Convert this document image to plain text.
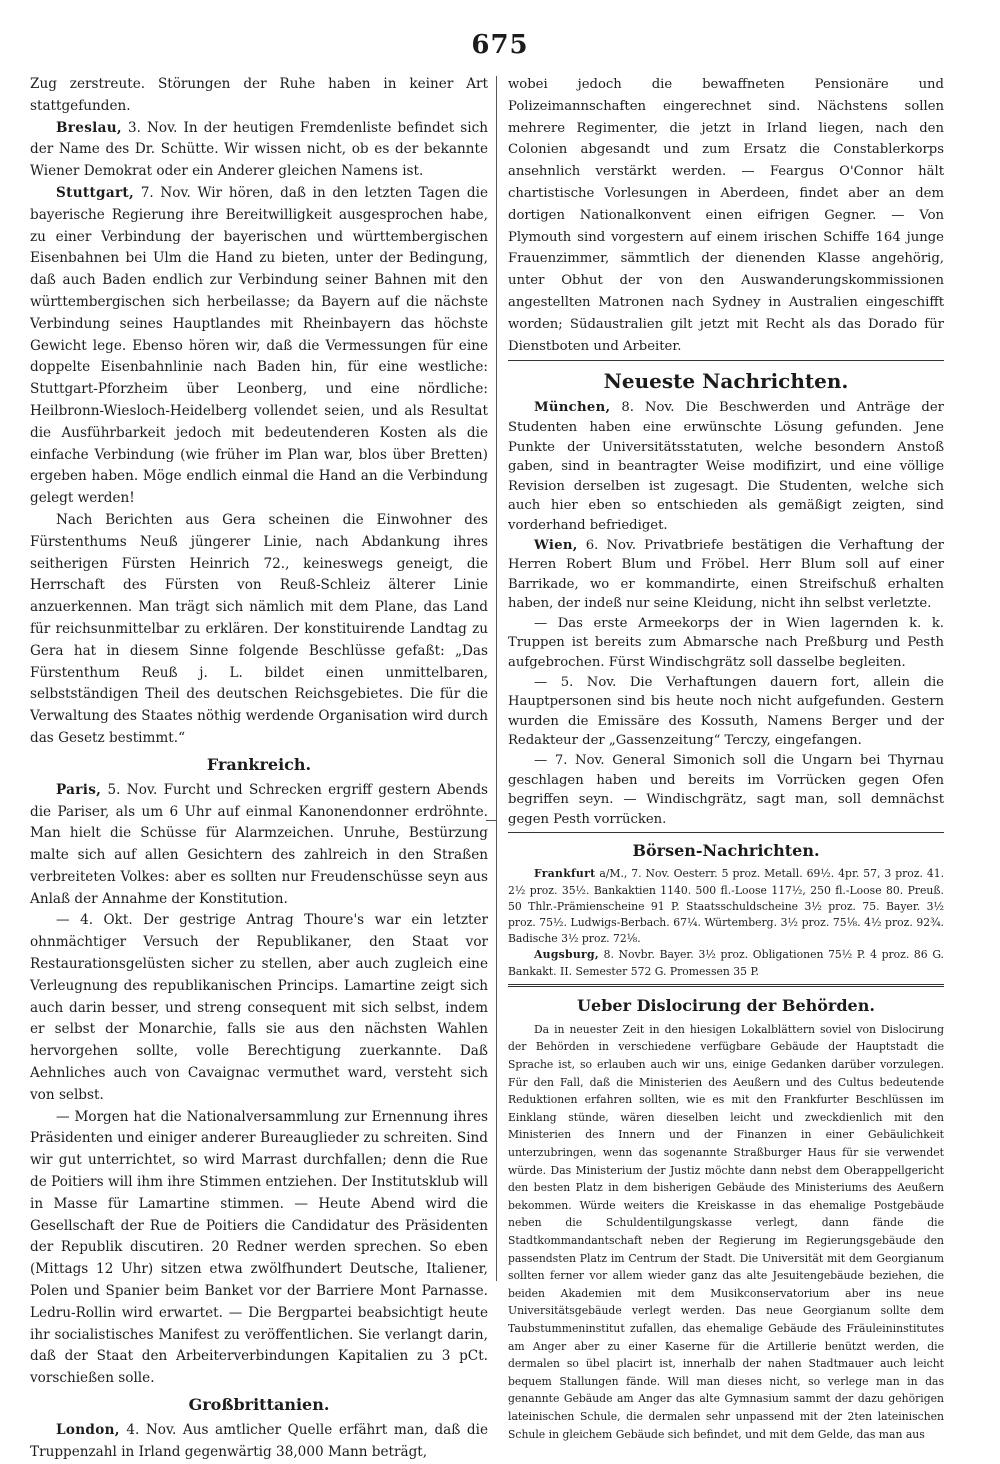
675

Zug zerstreute. Störungen der Ruhe haben in keiner Art stattgefunden.

Breslau, 3. Nov. In der heutigen Fremdenliste befindet sich der Name des Dr. Schütte. Wir wissen nicht, ob es der bekannte Wiener Demokrat oder ein Anderer gleichen Namens ist.

Stuttgart, 7. Nov. Wir hören, daß in den letzten Tagen die bayerische Regierung ihre Bereitwilligkeit ausgesprochen habe, zu einer Verbindung der bayerischen und württembergischen Eisenbahnen bei Ulm die Hand zu bieten, unter der Bedingung, daß auch Baden endlich zur Verbindung seiner Bahnen mit den württembergischen sich herbeilasse; da Bayern auf die nächste Verbindung seines Hauptlandes mit Rheinbayern das höchste Gewicht lege. Ebenso hören wir, daß die Vermessungen für eine doppelte Eisenbahnlinie nach Baden hin, für eine westliche: Stuttgart-Pforzheim über Leonberg, und eine nördliche: Heilbronn-Wiesloch-Heidelberg vollendet seien, und als Resultat die Ausführbarkeit jedoch mit bedeutenderen Kosten als die einfache Verbindung (wie früher im Plan war, blos über Bretten) ergeben haben. Möge endlich einmal die Hand an die Verbindung gelegt werden!

Nach Berichten aus Gera scheinen die Einwohner des Fürstenthums Neuß jüngerer Linie, nach Abdankung ihres seitherigen Fürsten Heinrich 72., keineswegs geneigt, die Herrschaft des Fürsten von Reuß-Schleiz älterer Linie anzuerkennen. Man trägt sich nämlich mit dem Plane, das Land für reichsunmittelbar zu erklären. Der konstituirende Landtag zu Gera hat in diesem Sinne folgende Beschlüsse gefaßt: „Das Fürstenthum Reuß j. L. bildet einen unmittelbaren, selbstständigen Theil des deutschen Reichsgebietes. Die für die Verwaltung des Staates nöthig werdende Organisation wird durch das Gesetz bestimmt.“

Frankreich.

Paris, 5. Nov. Furcht und Schrecken ergriff gestern Abends die Pariser, als um 6 Uhr auf einmal Kanonendonner erdröhnte. Man hielt die Schüsse für Alarmzeichen. Unruhe, Bestürzung malte sich auf allen Gesichtern des zahlreich in den Straßen verbreiteten Volkes: aber es sollten nur Freudenschüsse seyn aus Anlaß der Annahme der Konstitution.

— 4. Okt. Der gestrige Antrag Thoure's war ein letzter ohnmächtiger Versuch der Republikaner, den Staat vor Restaurationsgelüsten sicher zu stellen, aber auch zugleich eine Verleugnung des republikanischen Princips. Lamartine zeigt sich auch darin besser, und streng consequent mit sich selbst, indem er selbst der Monarchie, falls sie aus den nächsten Wahlen hervorgehen sollte, volle Berechtigung zuerkannte. Daß Aehnliches auch von Cavaignac vermuthet ward, versteht sich von selbst.

— Morgen hat die Nationalversammlung zur Ernennung ihres Präsidenten und einiger anderer Bureauglieder zu schreiten. Sind wir gut unterrichtet, so wird Marrast durchfallen; denn die Rue de Poitiers will ihm ihre Stimmen entziehen. Der Institutsklub will in Masse für Lamartine stimmen. — Heute Abend wird die Gesellschaft der Rue de Poitiers die Candidatur des Präsidenten der Republik discutiren. 20 Redner werden sprechen. So eben (Mittags 12 Uhr) sitzen etwa zwölfhundert Deutsche, Italiener, Polen und Spanier beim Banket vor der Barriere Mont Parnasse. Ledru-Rollin wird erwartet. — Die Bergpartei beabsichtigt heute ihr socialistisches Manifest zu veröffentlichen. Sie verlangt darin, daß der Staat den Arbeiterverbindungen Kapitalien zu 3 pCt. vorschießen solle.

Großbrittanien.

London, 4. Nov. Aus amtlicher Quelle erfährt man, daß die Truppenzahl in Irland gegenwärtig 38,000 Mann beträgt,

wobei jedoch die bewaffneten Pensionäre und Polizeimannschaften eingerechnet sind. Nächstens sollen mehrere Regimenter, die jetzt in Irland liegen, nach den Colonien abgesandt und zum Ersatz die Constablerkorps ansehnlich verstärkt werden. — Feargus O'Connor hält chartistische Vorlesungen in Aberdeen, findet aber an dem dortigen Nationalkonvent einen eifrigen Gegner. — Von Plymouth sind vorgestern auf einem irischen Schiffe 164 junge Frauenzimmer, sämmtlich der dienenden Klasse angehörig, unter Obhut der von den Auswanderungskommissionen angestellten Matronen nach Sydney in Australien eingeschifft worden; Südaustralien gilt jetzt mit Recht als das Dorado für Dienstboten und Arbeiter.

Neueste Nachrichten.

München, 8. Nov. Die Beschwerden und Anträge der Studenten haben eine erwünschte Lösung gefunden. Jene Punkte der Universitätsstatuten, welche besondern Anstoß gaben, sind in beantragter Weise modifizirt, und eine völlige Revision derselben ist zugesagt. Die Studenten, welche sich auch hier eben so entschieden als gemäßigt zeigten, sind vorderhand befriediget.

Wien, 6. Nov. Privatbriefe bestätigen die Verhaftung der Herren Robert Blum und Fröbel. Herr Blum soll auf einer Barrikade, wo er kommandirte, einen Streifschuß erhalten haben, der indeß nur seine Kleidung, nicht ihn selbst verletzte.

— Das erste Armeekorps der in Wien lagernden k. k. Truppen ist bereits zum Abmarsche nach Preßburg und Pesth aufgebrochen. Fürst Windischgrätz soll dasselbe begleiten.

— 5. Nov. Die Verhaftungen dauern fort, allein die Hauptpersonen sind bis heute noch nicht aufgefunden. Gestern wurden die Emissäre des Kossuth, Namens Berger und der Redakteur der „Gassenzeitung“ Terczy, eingefangen.

— 7. Nov. General Simonich soll die Ungarn bei Thyrnau geschlagen haben und bereits im Vorrücken gegen Ofen begriffen seyn. — Windischgrätz, sagt man, soll demnächst gegen Pesth vorrücken.

Börsen-Nachrichten.

Frankfurt a/M., 7. Nov. Oesterr. 5 proz. Metall. 69½. 4pr. 57, 3 proz. 41. 2½ proz. 35½. Bankaktien 1140. 500 fl.-Loose 117½, 250 fl.-Loose 80. Preuß. 50 Thlr.-Prämienscheine 91 P. Staatsschuldscheine 3½ proz. 75. Bayer. 3½ proz. 75½. Ludwigs-Berbach. 67¼. Würtemberg. 3½ proz. 75⅛. 4½ proz. 92¾. Badische 3½ proz. 72⅛.

Augsburg, 8. Novbr. Bayer. 3½ proz. Obligationen 75½ P. 4 proz. 86 G. Bankakt. II. Semester 572 G. Promessen 35 P.

Ueber Dislocirung der Behörden.

Da in neuester Zeit in den hiesigen Lokalblättern soviel von Dislocirung der Behörden in verschiedene verfügbare Gebäude der Hauptstadt die Sprache ist, so erlauben auch wir uns, einige Gedanken darüber vorzulegen. Für den Fall, daß die Ministerien des Aeußern und des Cultus bedeutende Reduktionen erfahren sollten, wie es mit den Frankfurter Beschlüssen im Einklang stünde, wären dieselben leicht und zweckdienlich mit den Ministerien des Innern und der Finanzen in einer Gebäulichkeit unterzubringen, wenn das sogenannte Straßburger Haus für sie verwendet würde. Das Ministerium der Justiz möchte dann nebst dem Oberappellgericht den besten Platz in dem bisherigen Gebäude des Ministeriums des Aeußern bekommen. Würde weiters die Kreiskasse in das ehemalige Postgebäude neben die Schuldentilgungskasse verlegt, dann fände die Stadtkommandantschaft neben der Regierung im Regierungsgebäude den passendsten Platz im Centrum der Stadt. Die Universität mit dem Georgianum sollten ferner vor allem wieder ganz das alte Jesuitengebäude beziehen, die beiden Akademien mit dem Musikconservatorium aber ins neue Universitätsgebäude verlegt werden. Das neue Georgianum sollte dem Taubstummeninstitut zufallen, das ehemalige Gebäude des Fräuleininstitutes am Anger aber zu einer Kaserne für die Artillerie benützt werden, die dermalen so übel placirt ist, innerhalb der nahen Stadtmauer auch leicht bequem Stallungen fände. Will man dieses nicht, so verlege man in das genannte Gebäude am Anger das alte Gymnasium sammt der dazu gehörigen lateinischen Schule, die dermalen sehr unpassend mit der 2ten lateinischen Schule in gleichem Gebäude sich befindet, und mit dem Gelde, das man aus
